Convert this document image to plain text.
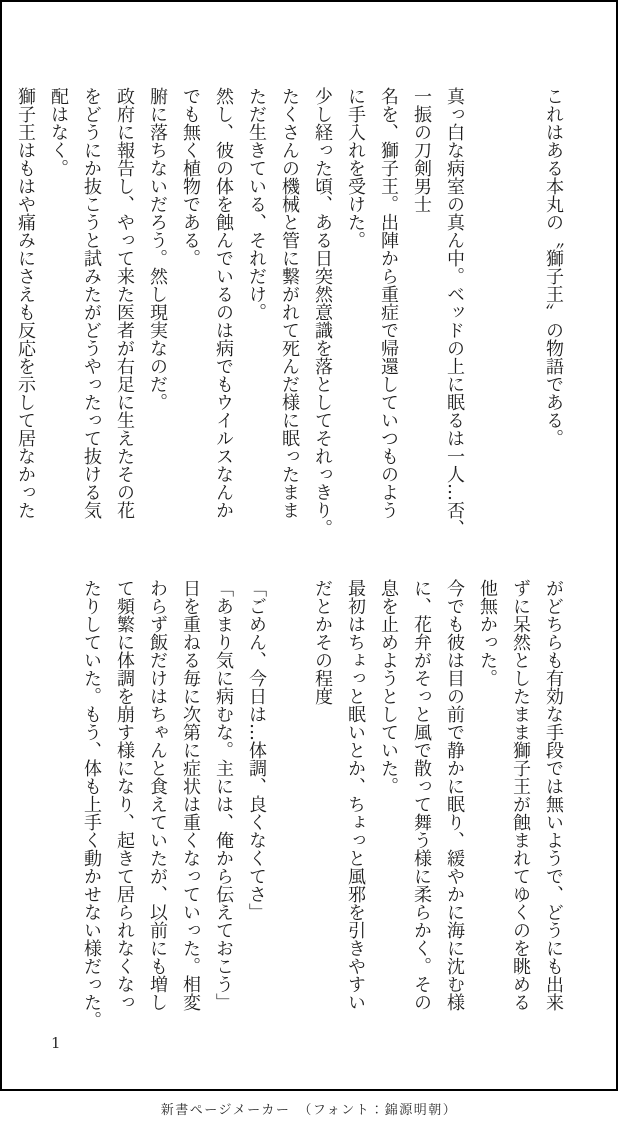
これはある本丸の〝獅子王〟の物語である。

真っ白な病室の真ん中。ベッドの上に眠るは一人…否、

一振の刀剣男士

名を、獅子王。出陣から重症で帰還していつものよう

に手入れを受けた。

少し経った頃、ある日突然意識を落としてそれっきり。

たくさんの機械と管に繋がれて死んだ様に眠ったまま

ただ生きている、それだけ。

然し、彼の体を蝕んでいるのは病でもウイルスなんか

でも無く植物である。

腑に落ちないだろう。然し現実なのだ。

政府に報告し、やって来た医者が右足に生えたその花

をどうにか抜こうと試みたがどうやったって抜ける気

配はなく。

獅子王はもはや痛みにさえも反応を示して居なかった

がどちらも有効な手段では無いようで、どうにも出来

ずに呆然としたまま獅子王が蝕まれてゆくのを眺める

他無かった。

今でも彼は目の前で静かに眠り、緩やかに海に沈む様

に、花弁がそっと風で散って舞う様に柔らかく。その

息を止めようとしていた。

最初はちょっと眠いとか、ちょっと風邪を引きやすい

だとかその程度

「ごめん、今日は…体調、良くなくてさ」

「あまり気に病むな。主には、俺から伝えておこう」

日を重ねる毎に次第に症状は重くなっていった。相変

わらず飯だけはちゃんと食えていたが、以前にも増し

て頻繁に体調を崩す様になり、起きて居られなくなっ

たりしていた。もう、体も上手く動かせない様だった。

1
新書ページメーカー　（フォント：錦源明朝）
